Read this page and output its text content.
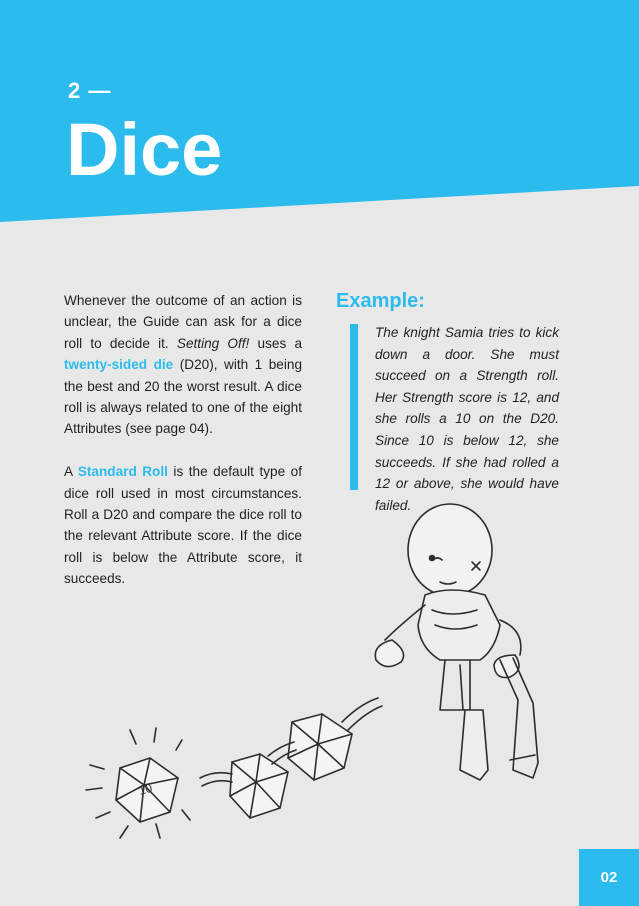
2 —
Dice

Whenever the outcome of an action is unclear, the Guide can ask for a dice roll to decide it. Setting Off! uses a twenty-sided die (D20), with 1 being the best and 20 the worst result. A dice roll is always related to one of the eight Attributes (see page 04).

A Standard Roll is the default type of dice roll used in most circumstances. Roll a D20 and compare the dice roll to the relevant Attribute score. If the dice roll is below the Attribute score, it succeeds.

Example:
The knight Samia tries to kick down a door. She must succeed on a Strength roll. Her Strength score is 12, and she rolls a 10 on the D20. Since 10 is below 12, she succeeds. If she had rolled a 12 or above, she would have failed.
10
02
